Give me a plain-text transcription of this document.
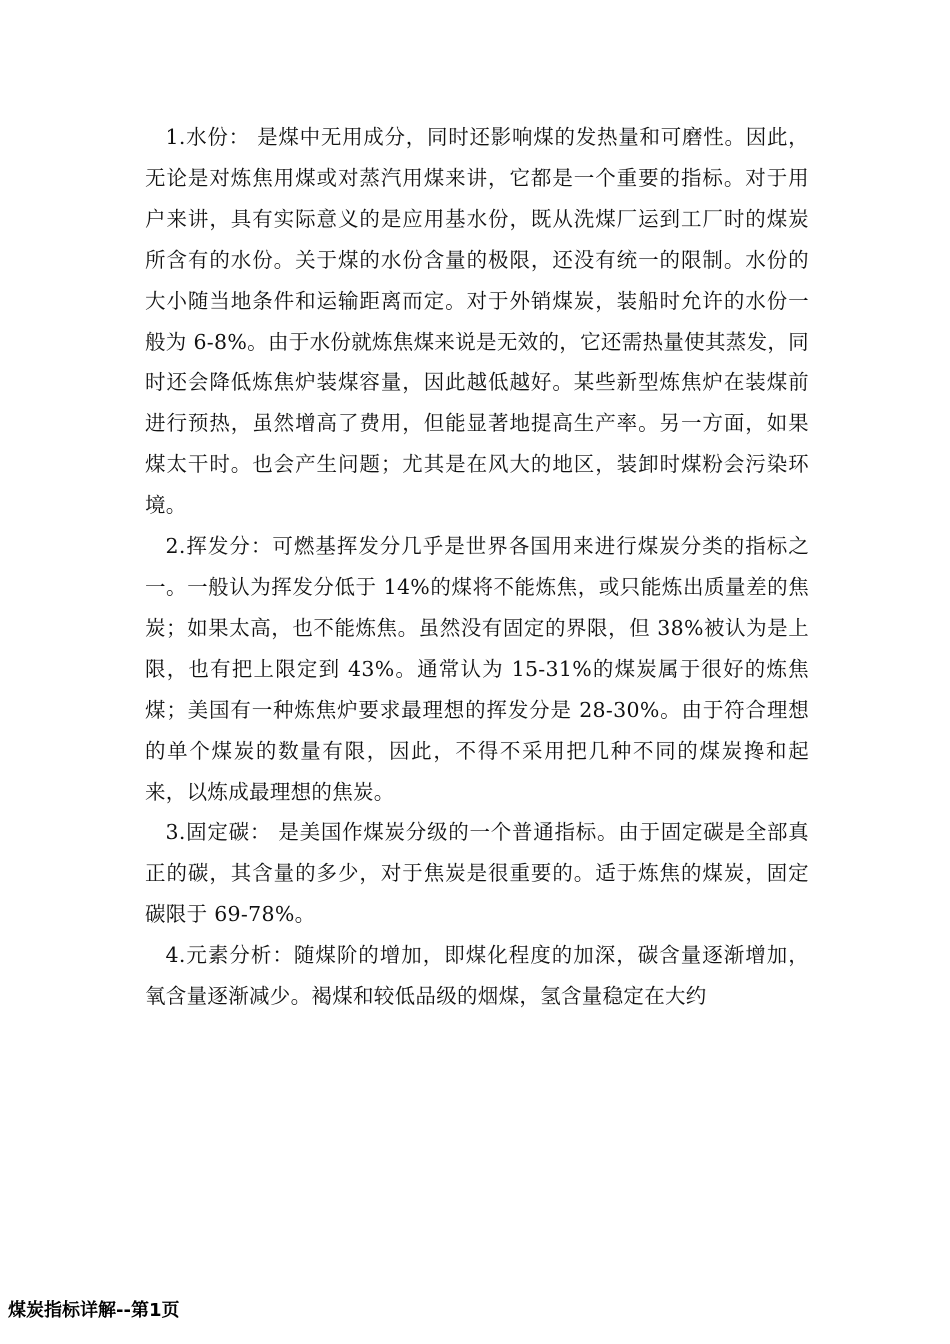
1.水份： 是煤中无用成分，同时还影响煤的发热量和可磨性。因此，无论是对炼焦用煤或对蒸汽用煤来讲，它都是一个重要的指标。对于用户来讲，具有实际意义的是应用基水份，既从洗煤厂运到工厂时的煤炭所含有的水份。关于煤的水份含量的极限，还没有统一的限制。水份的大小随当地条件和运输距离而定。对于外销煤炭，装船时允许的水份一般为 6-8%。由于水份就炼焦煤来说是无效的，它还需热量使其蒸发，同时还会降低炼焦炉装煤容量，因此越低越好。某些新型炼焦炉在装煤前进行预热，虽然增高了费用，但能显著地提高生产率。另一方面，如果煤太干时。也会产生问题；尤其是在风大的地区，装卸时煤粉会污染环境。

2.挥发分：可燃基挥发分几乎是世界各国用来进行煤炭分类的指标之一。一般认为挥发分低于 14%的煤将不能炼焦，或只能炼出质量差的焦炭；如果太高，也不能炼焦。虽然没有固定的界限，但 38%被认为是上限，也有把上限定到 43%。通常认为 15-31%的煤炭属于很好的炼焦煤；美国有一种炼焦炉要求最理想的挥发分是 28-30%。由于符合理想的单个煤炭的数量有限，因此，不得不采用把几种不同的煤炭搀和起来，以炼成最理想的焦炭。

3.固定碳： 是美国作煤炭分级的一个普通指标。由于固定碳是全部真正的碳，其含量的多少，对于焦炭是很重要的。适于炼焦的煤炭，固定碳限于 69-78%。

4.元素分析：随煤阶的增加，即煤化程度的加深，碳含量逐渐增加，氧含量逐渐减少。褐煤和较低品级的烟煤，氢含量稳定在大约

煤炭指标详解--第1页
